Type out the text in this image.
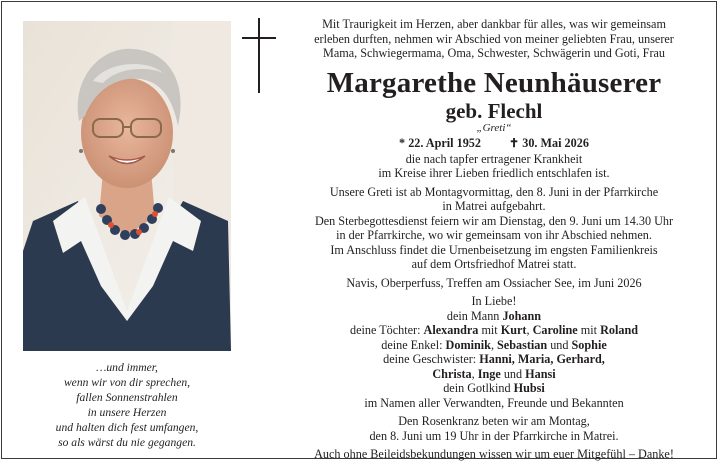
…und immer,
wenn wir von dir sprechen,
fallen Sonnenstrahlen
in unsere Herzen
und halten dich fest umfangen,
so als wärst du nie gegangen.
Mit Traurigkeit im Herzen, aber dankbar für alles, was wir gemeinsam
erleben durften, nehmen wir Abschied von meiner geliebten Frau, unserer
Mama, Schwiegermama, Oma, Schwester, Schwägerin und Goti, Frau
Margarethe Neunhäuserer
geb. Flechl
„Greti“
* 22. April 1952 ✝ 30. Mai 2026
die nach tapfer ertragener Krankheit
im Kreise ihrer Lieben friedlich entschlafen ist.
Unsere Greti ist ab Montagvormittag, den 8. Juni in der Pfarrkirche
in Matrei aufgebahrt.
Den Sterbegottesdienst feiern wir am Dienstag, den 9. Juni um 14.30 Uhr
in der Pfarrkirche, wo wir gemeinsam von ihr Abschied nehmen.
Im Anschluss findet die Urnenbeisetzung im engsten Familienkreis
auf dem Ortsfriedhof Matrei statt.
Navis, Oberperfuss, Treffen am Ossiacher See, im Juni 2026
In Liebe!
dein Mann Johann
deine Töchter: Alexandra mit Kurt, Caroline mit Roland
deine Enkel: Dominik, Sebastian und Sophie
deine Geschwister: Hanni, Maria, Gerhard,
Christa, Inge und Hansi
dein Gotlkind Hubsi
im Namen aller Verwandten, Freunde und Bekannten
Den Rosenkranz beten wir am Montag,
den 8. Juni um 19 Uhr in der Pfarrkirche in Matrei.
Auch ohne Beileidsbekundungen wissen wir um euer Mitgefühl – Danke!
